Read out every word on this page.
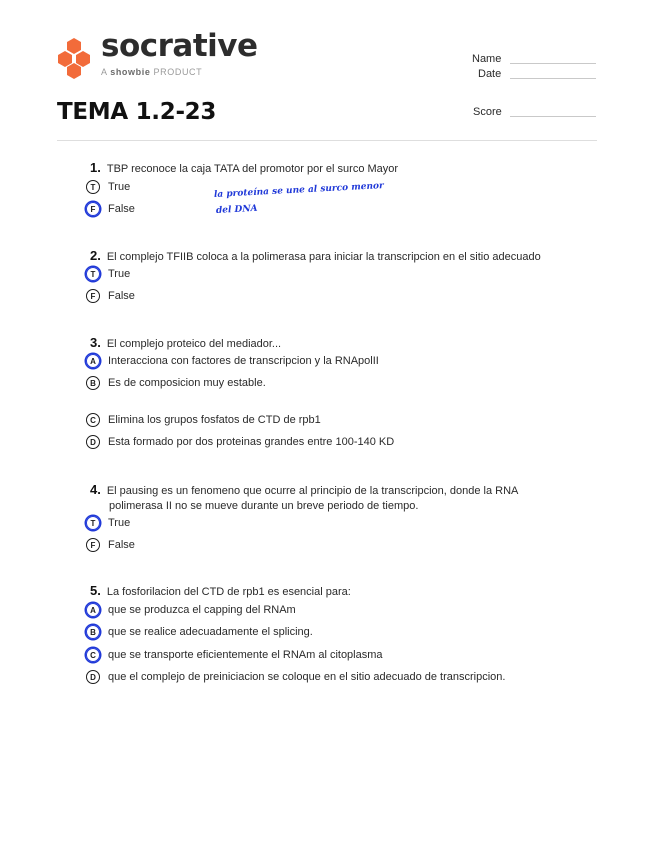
socrative
A showbie PRODUCT
Name
Date
Score
TEMA 1.2-23
1. TBP reconoce la caja TATA del promotor por el surco Mayor
T	True
F	False
la proteína se une al surco menor
del DNA
2. El complejo TFIIB coloca a la polimerasa para iniciar la transcripcion en el sitio adecuado
T	True
F	False
3. El complejo proteico del mediador...
A	Interacciona con factores de transcripcion y la RNApolII
B	Es de composicion muy estable.
C	Elimina los grupos fosfatos de CTD de rpb1
D	Esta formado por dos proteinas grandes entre 100-140 KD
4. El pausing es un fenomeno que ocurre al principio de la transcripcion, donde la RNA polimerasa II no se mueve durante un breve periodo de tiempo.
T	True
F	False
5. La fosforilacion del CTD de rpb1 es esencial para:
A	que se produzca el capping del RNAm
B	que se realice adecuadamente el splicing.
C	que se transporte eficientemente el RNAm al citoplasma
D	que el complejo de preiniciacion se coloque en el sitio adecuado de transcripcion.
